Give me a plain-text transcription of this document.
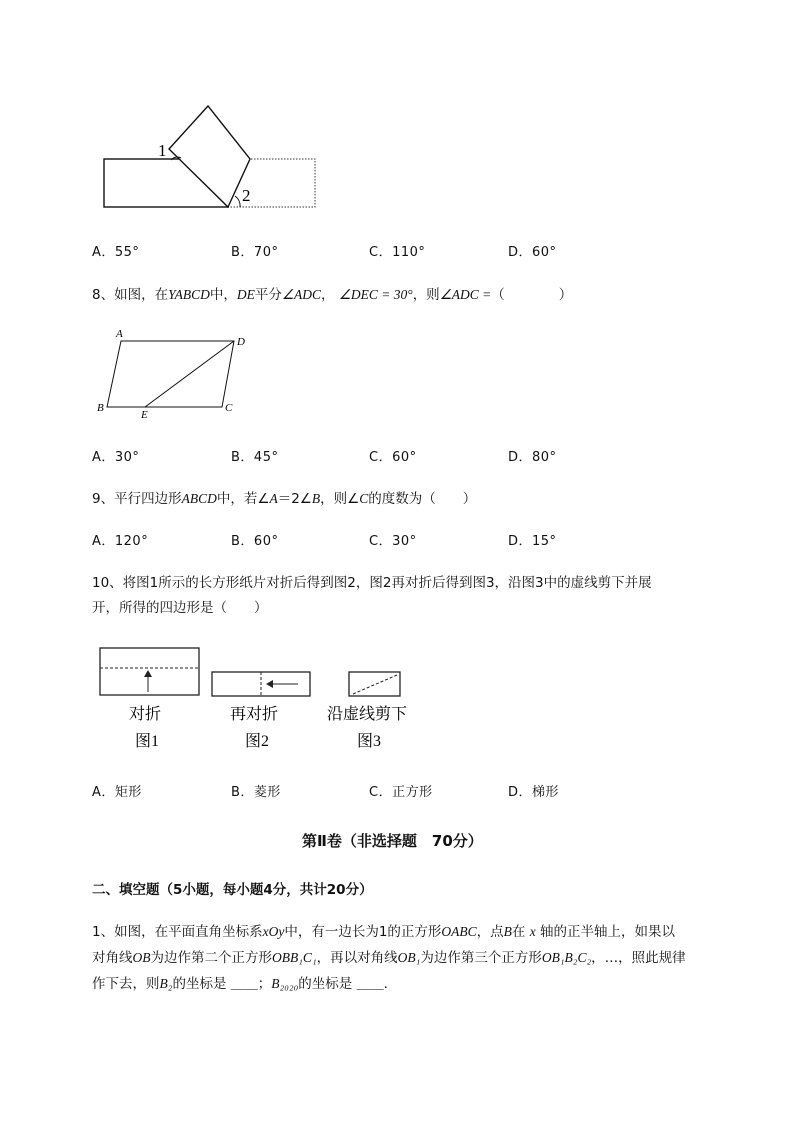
1
2
A．55°	B．70°	C．110°	D．60°
8、如图，在YABCD中，DE平分∠ADC， ∠DEC = 30°，则∠ADC =（　　　　）
A
D
B	C
E
A．30°	B．45°	C．60°	D．80°
9、平行四边形ABCD中，若∠A＝2∠B，则∠C的度数为（　　）
A．120°	B．60°	C．30°	D．15°
10、将图1所示的长方形纸片对折后得到图2，图2再对折后得到图3，沿图3中的虚线剪下并展
开，所得的四边形是（　　）
对折	再对折	沿虚线剪下
图1	图2	图3
A．矩形	B．菱形	C．正方形	D．梯形
第Ⅱ卷（非选择题　70分）
二、填空题（5小题，每小题4分，共计20分）
1、如图，在平面直角坐标系xOy中，有一边长为1的正方形OABC，点B在 x 轴的正半轴上，如果以
对角线OB为边作第二个正方形OBB₁C₁，再以对角线OB₁为边作第三个正方形OB₁B₂C₂，…，照此规律
作下去，则B₂的坐标是 ＿＿；B₂₀₂₀的坐标是 ＿＿.
